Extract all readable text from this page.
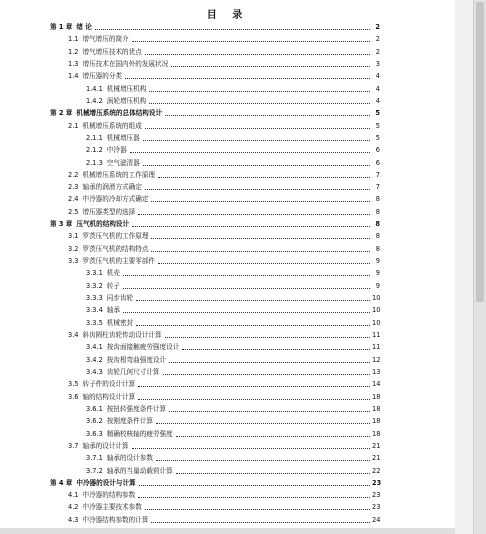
目 录
第 1 章 绪 论	2
1.1 增气增压的简介	2
1.2 增气增压技术的优点	2
1.3 增压技术在国内外的发展状况	3
1.4 增压器的分类	4
1.4.1 机械增压机构	4
1.4.2 涡轮增压机构	4
第 2 章 机械增压系统的总体结构设计	5
2.1 机械增压系统的组成	5
2.1.1 机械增压器	5
2.1.2 中冷器	6
2.1.3 空气滤清器	6
2.2 机械增压系统的工作原理	7
2.3 轴承的润滑方式确定	7
2.4 中冷器的冷却方式确定	8
2.5 增压器类型的选择	8
第 3 章 压气机的结构设计	8
3.1 罗茨压气机的工作原理	8
3.2 罗茨压气机的结构特点	8
3.3 罗茨压气机的主要零部件	9
3.3.1 机壳	9
3.3.2 转子	9
3.3.3 同步齿轮	10
3.3.4 轴承	10
3.3.5 机械密封	10
3.4 斜齿圆柱齿轮传动设计计算	11
3.4.1 按齿面接触疲劳强度设计	11
3.4.2 按齿根弯曲强度设计	12
3.4.3 齿轮几何尺寸计算	13
3.5 转子件的设计计算	14
3.6 轴的结构设计计算	18
3.6.1 按扭转强度条件计算	18
3.6.2 按刚度条件计算	18
3.6.3 精确校核轴的疲劳强度	18
3.7 轴承的设计计算	21
3.7.1 轴承的设计参数	21
3.7.2 轴承的当量动载荷计算	22
第 4 章 中冷器的设计与计算	23
4.1 中冷器的结构参数	23
4.2 中冷器主要技术参数	23
4.3 中冷器结构参数的计算	24
